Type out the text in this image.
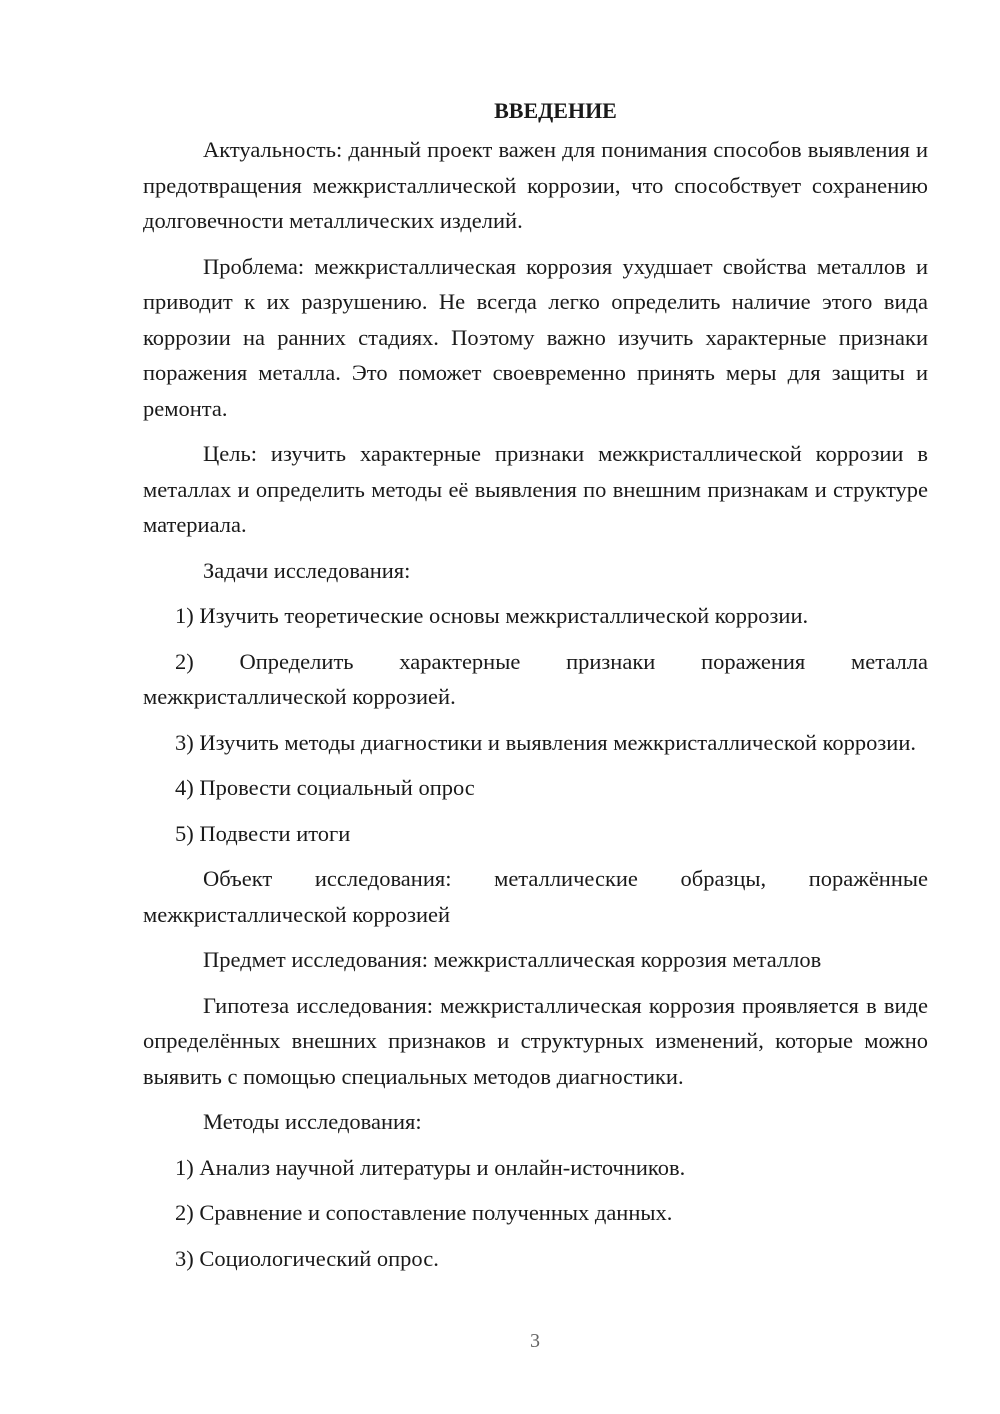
ВВЕДЕНИЕ

Актуальность: данный проект важен для понимания способов выявления и предотвращения межкристаллической коррозии, что способствует сохранению долговечности металлических изделий.

Проблема: межкристаллическая коррозия ухудшает свойства металлов и приводит к их разрушению. Не всегда легко определить наличие этого вида коррозии на ранних стадиях. Поэтому важно изучить характерные признаки поражения металла. Это поможет своевременно принять меры для защиты и ремонта.

Цель: изучить характерные признаки межкристаллической коррозии в металлах и определить методы её выявления по внешним признакам и структуре материала.

Задачи исследования:

1) Изучить теоретические основы межкристаллической коррозии.

2) Определить характерные признаки поражения металла межкристаллической коррозией.

3) Изучить методы диагностики и выявления межкристаллической коррозии.

4) Провести социальный опрос

5) Подвести итоги

Объект исследования: металлические образцы, поражённые межкристаллической коррозией

Предмет исследования: межкристаллическая коррозия металлов

Гипотеза исследования: межкристаллическая коррозия проявляется в виде определённых внешних признаков и структурных изменений, которые можно выявить с помощью специальных методов диагностики.

Методы исследования:

1) Анализ научной литературы и онлайн-источников.

2) Сравнение и сопоставление полученных данных.

3) Социологический опрос.

3
